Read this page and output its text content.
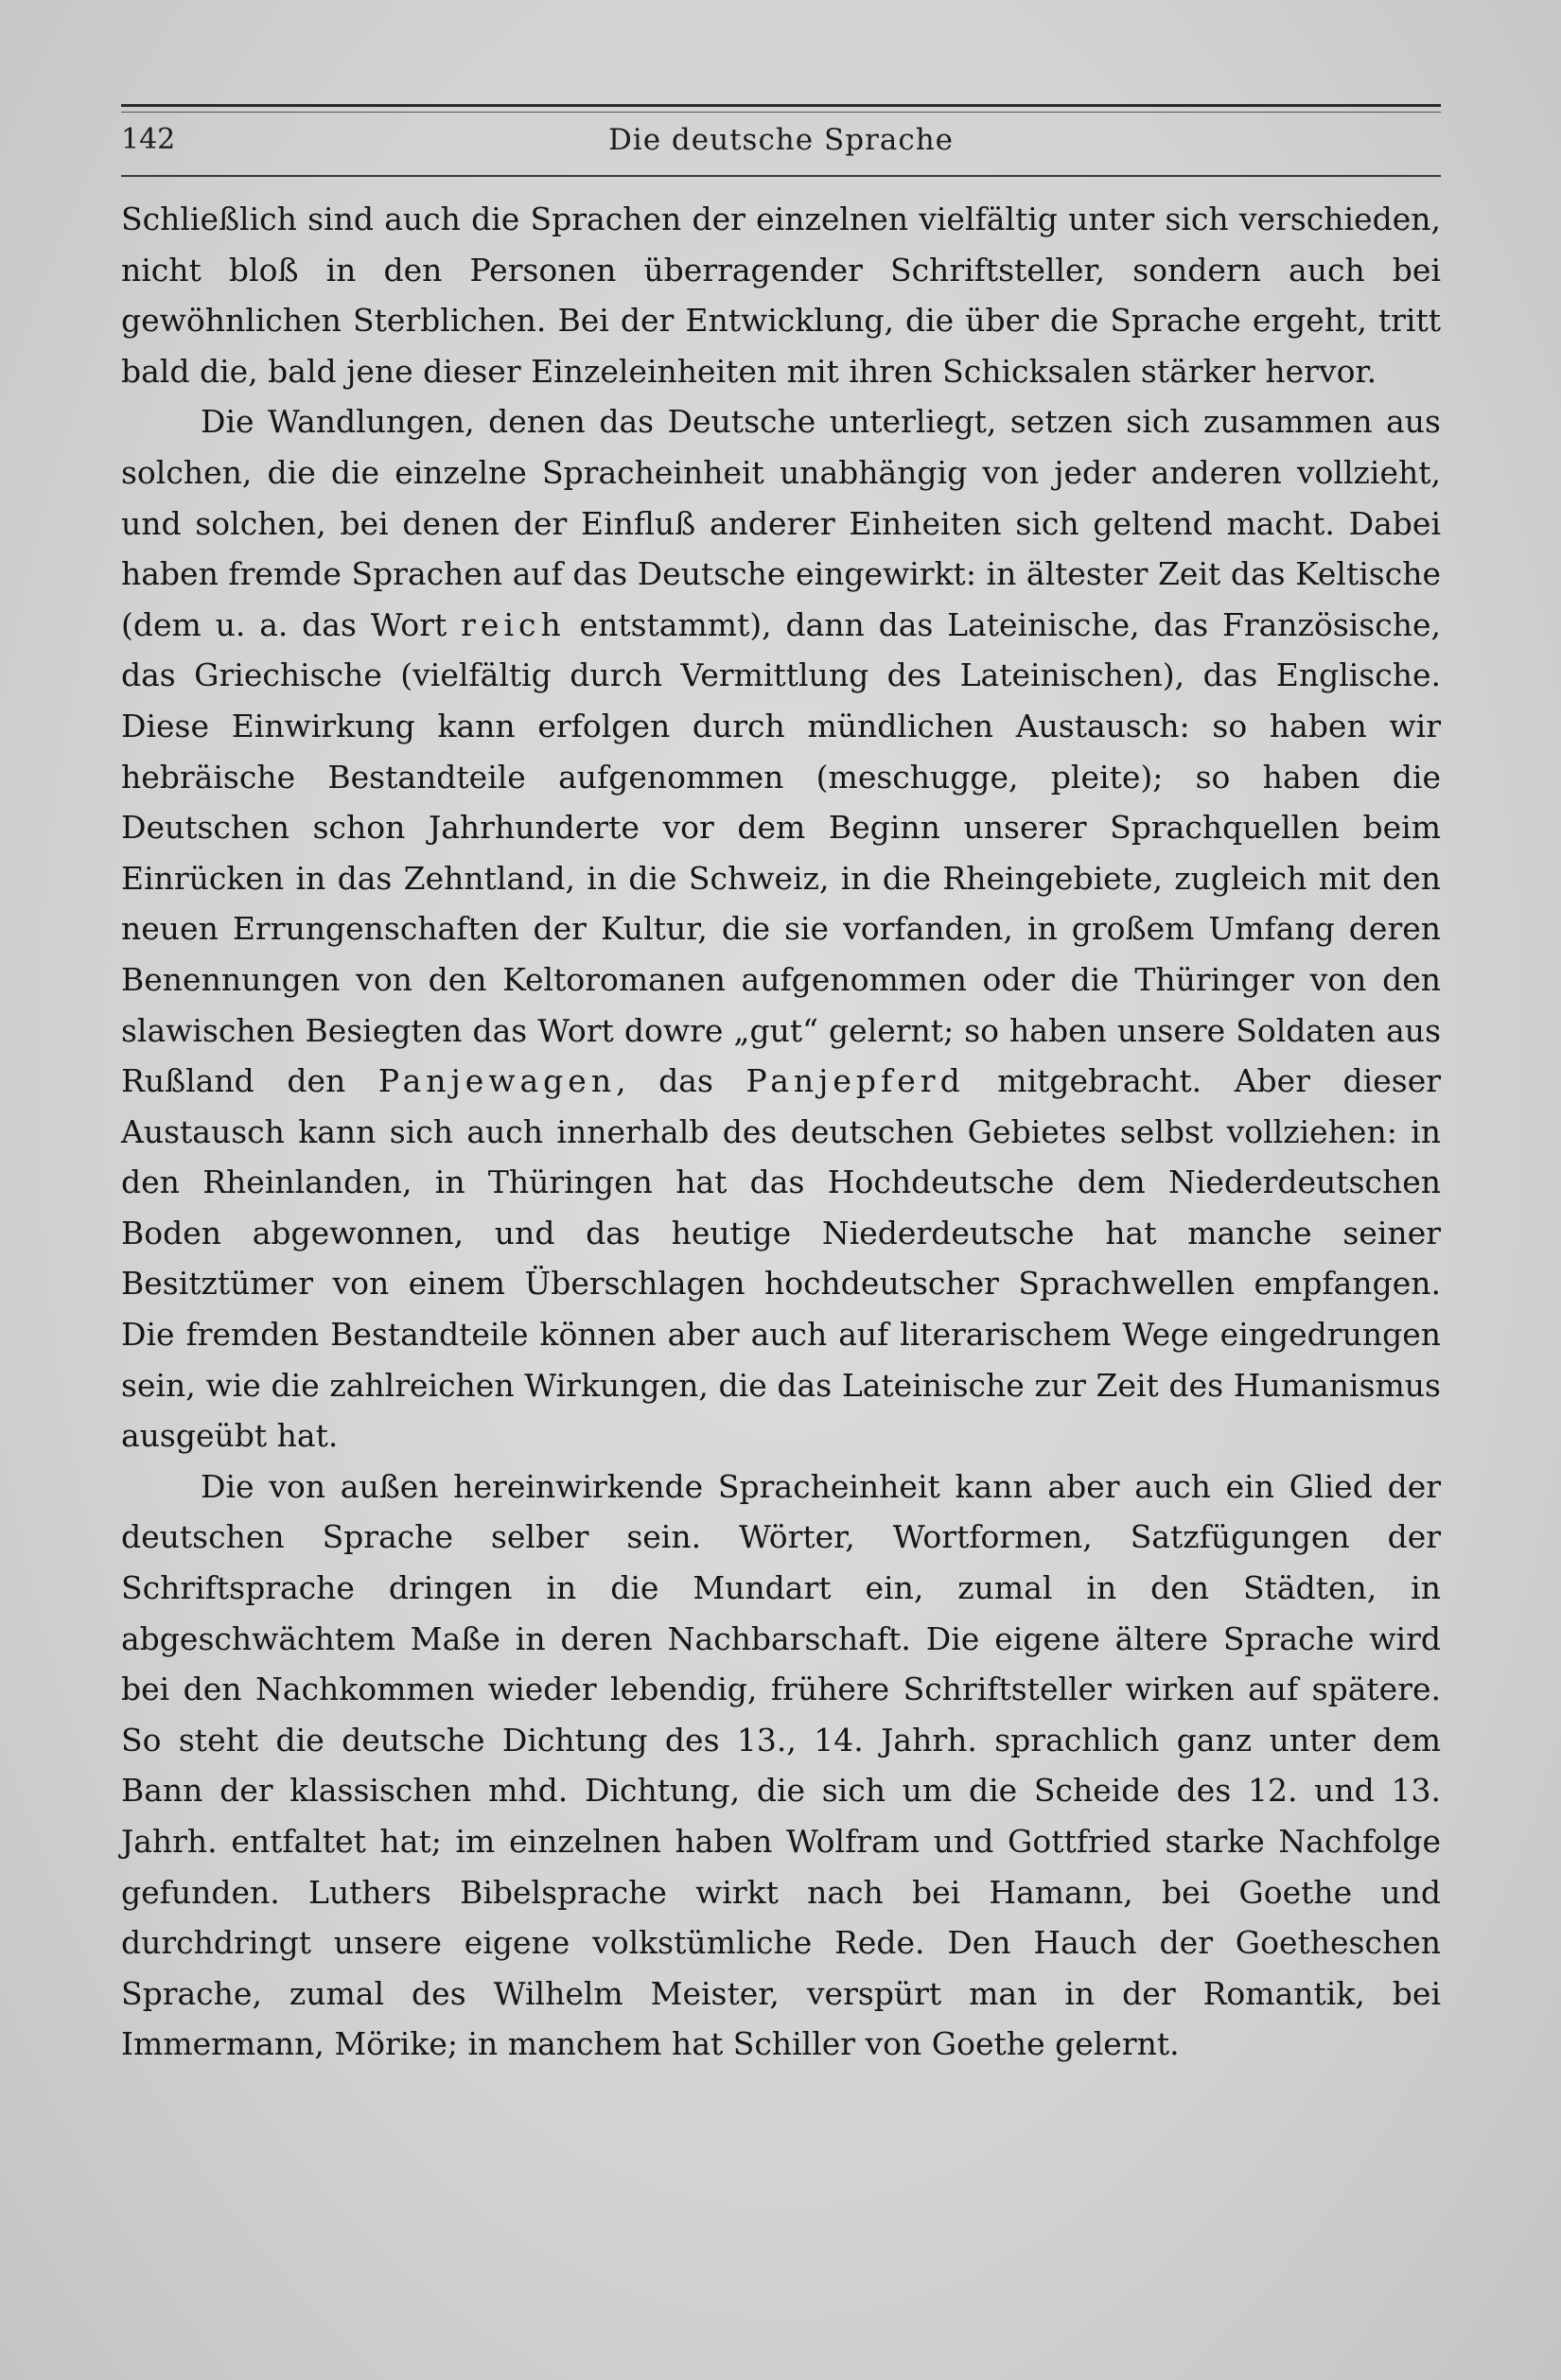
142	Die deutsche Sprache

Schließlich sind auch die Sprachen der einzelnen vielfältig unter sich verschieden, nicht bloß in den Personen überragender Schriftsteller, sondern auch bei gewöhnlichen Sterblichen. Bei der Entwicklung, die über die Sprache ergeht, tritt bald die, bald jene dieser Einzeleinheiten mit ihren Schicksalen stärker hervor.

Die Wandlungen, denen das Deutsche unterliegt, setzen sich zusammen aus solchen, die die einzelne Spracheinheit unabhängig von jeder anderen vollzieht, und solchen, bei denen der Einfluß anderer Einheiten sich geltend macht. Dabei haben fremde Sprachen auf das Deutsche eingewirkt: in ältester Zeit das Keltische (dem u. a. das Wort reich entstammt), dann das Lateinische, das Französische, das Griechische (vielfältig durch Vermittlung des Lateinischen), das Englische. Diese Einwirkung kann erfolgen durch mündlichen Austausch: so haben wir hebräische Bestandteile aufgenommen (meschugge, pleite); so haben die Deutschen schon Jahrhunderte vor dem Beginn unserer Sprachquellen beim Einrücken in das Zehntland, in die Schweiz, in die Rheingebiete, zugleich mit den neuen Errungenschaften der Kultur, die sie vorfanden, in großem Umfang deren Benennungen von den Keltoromanen aufgenommen oder die Thüringer von den slawischen Besiegten das Wort dowre „gut“ gelernt; so haben unsere Soldaten aus Rußland den Panjewagen, das Panjepferd mitgebracht. Aber dieser Austausch kann sich auch innerhalb des deutschen Gebietes selbst vollziehen: in den Rheinlanden, in Thüringen hat das Hochdeutsche dem Niederdeutschen Boden abgewonnen, und das heutige Niederdeutsche hat manche seiner Besitztümer von einem Überschlagen hochdeutscher Sprachwellen empfangen. Die fremden Bestandteile können aber auch auf literarischem Wege eingedrungen sein, wie die zahlreichen Wirkungen, die das Lateinische zur Zeit des Humanismus ausgeübt hat.

Die von außen hereinwirkende Spracheinheit kann aber auch ein Glied der deutschen Sprache selber sein. Wörter, Wortformen, Satzfügungen der Schriftsprache dringen in die Mundart ein, zumal in den Städten, in abgeschwächtem Maße in deren Nachbarschaft. Die eigene ältere Sprache wird bei den Nachkommen wieder lebendig, frühere Schriftsteller wirken auf spätere. So steht die deutsche Dichtung des 13., 14. Jahrh. sprachlich ganz unter dem Bann der klassischen mhd. Dichtung, die sich um die Scheide des 12. und 13. Jahrh. entfaltet hat; im einzelnen haben Wolfram und Gottfried starke Nachfolge gefunden. Luthers Bibelsprache wirkt nach bei Hamann, bei Goethe und durchdringt unsere eigene volkstümliche Rede. Den Hauch der Goetheschen Sprache, zumal des Wilhelm Meister, verspürt man in der Romantik, bei Immermann, Mörike; in manchem hat Schiller von Goethe gelernt.
